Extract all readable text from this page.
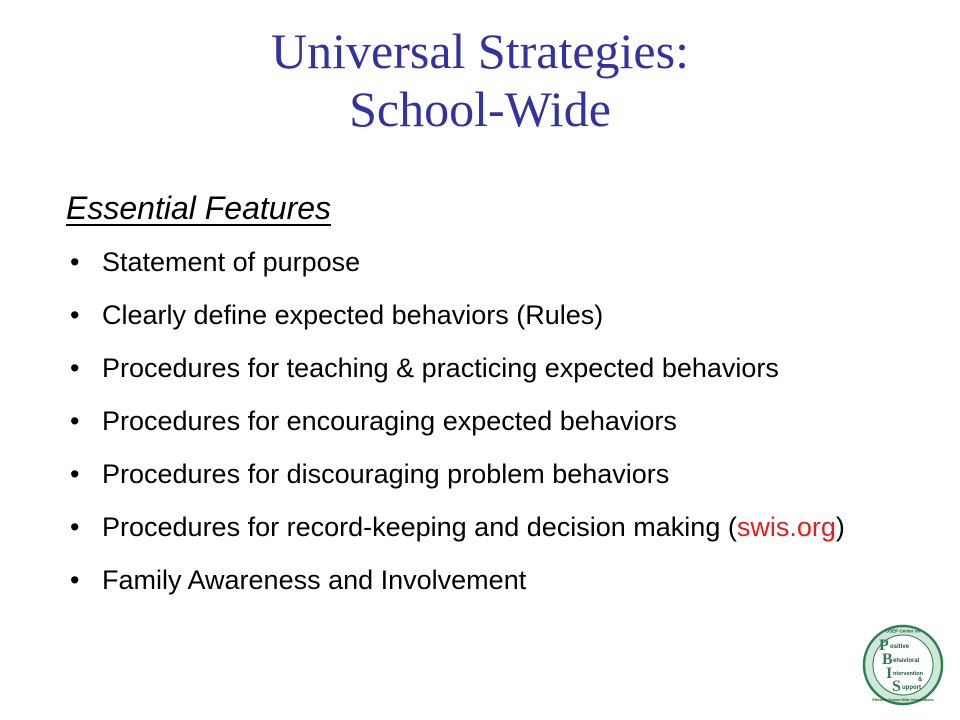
Universal Strategies:
School-Wide
Essential Features
• Statement of purpose
• Clearly define expected behaviors (Rules)
• Procedures for teaching & practicing expected behaviors
• Procedures for encouraging expected behaviors
• Procedures for discouraging problem behaviors
• Procedures for record-keeping and decision making (swis.org)
• Family Awareness and Involvement
OSEP Center on
P ositive
B ehavioral
I ntervention
&
S upport
Effective School-Wide Interventions
